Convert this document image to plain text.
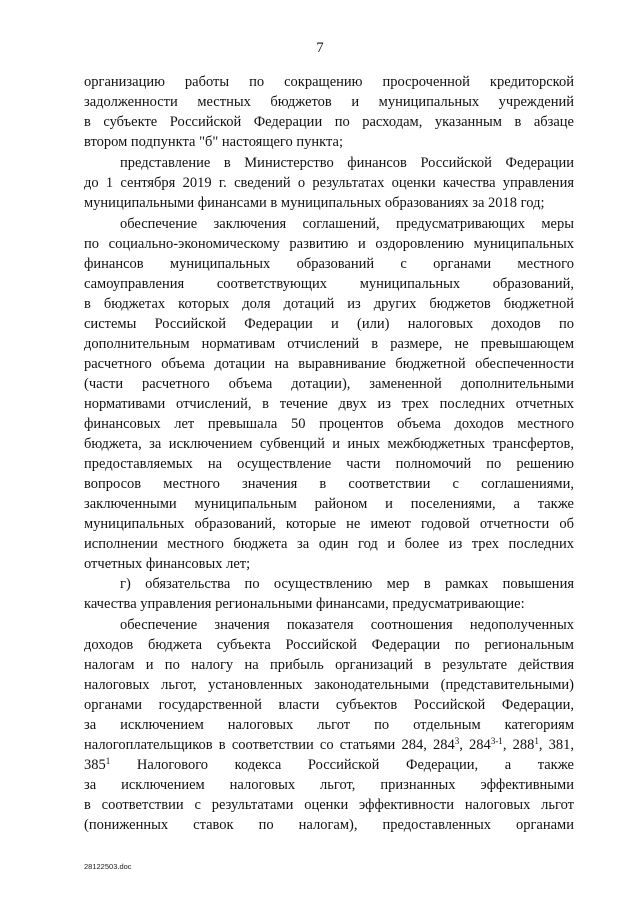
7
организацию работы по сокращению просроченной кредиторской
задолженности местных бюджетов и муниципальных учреждений
в субъекте Российской Федерации по расходам, указанным в абзаце
втором подпункта "б" настоящего пункта;
представление в Министерство финансов Российской Федерации
до 1 сентября 2019 г. сведений о результатах оценки качества управления
муниципальными финансами в муниципальных образованиях за 2018 год;
обеспечение заключения соглашений, предусматривающих меры
по социально-экономическому развитию и оздоровлению муниципальных
финансов муниципальных образований с органами местного
самоуправления соответствующих муниципальных образований,
в бюджетах которых доля дотаций из других бюджетов бюджетной
системы Российской Федерации и (или) налоговых доходов по
дополнительным нормативам отчислений в размере, не превышающем
расчетного объема дотации на выравнивание бюджетной обеспеченности
(части расчетного объема дотации), замененной дополнительными
нормативами отчислений, в течение двух из трех последних отчетных
финансовых лет превышала 50 процентов объема доходов местного
бюджета, за исключением субвенций и иных межбюджетных трансфертов,
предоставляемых на осуществление части полномочий по решению
вопросов местного значения в соответствии с соглашениями,
заключенными муниципальным районом и поселениями, а также
муниципальных образований, которые не имеют годовой отчетности об
исполнении местного бюджета за один год и более из трех последних
отчетных финансовых лет;
г) обязательства по осуществлению мер в рамках повышения
качества управления региональными финансами, предусматривающие:
обеспечение значения показателя соотношения недополученных
доходов бюджета субъекта Российской Федерации по региональным
налогам и по налогу на прибыль организаций в результате действия
налоговых льгот, установленных законодательными (представительными)
органами государственной власти субъектов Российской Федерации,
за исключением налоговых льгот по отдельным категориям
налогоплательщиков в соответствии со статьями 284, $284^3$, 284$^{3-1}$, $288^1$, 381,
$385^1$ Налогового кодекса Российской Федерации, а также
за исключением налоговых льгот, признанных эффективными
в соответствии с результатами оценки эффективности налоговых льгот
(пониженных ставок по налогам), предоставленных органами
28122503.doc
